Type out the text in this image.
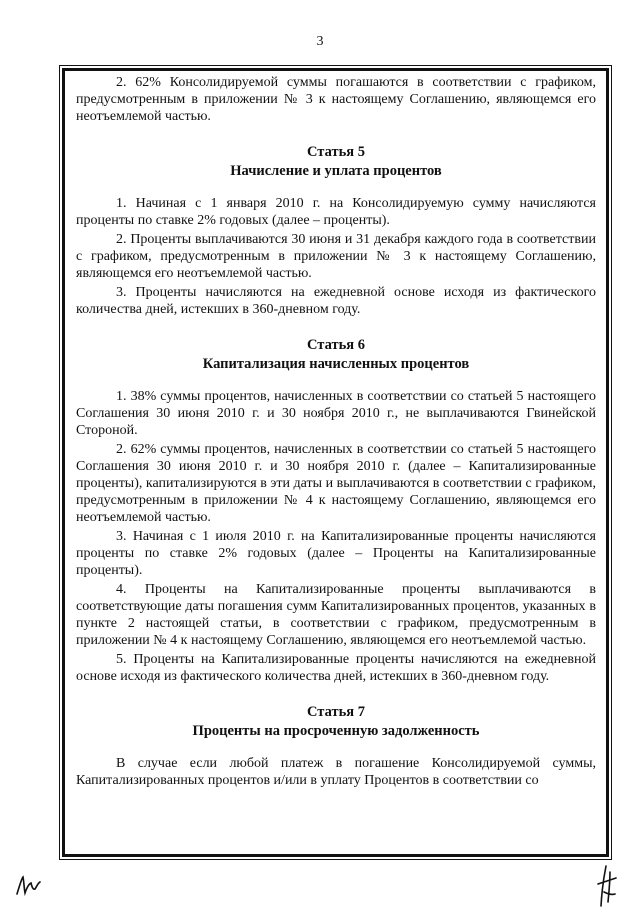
3

2. 62% Консолидируемой суммы погашаются в соответствии с графиком, предусмотренным в приложении № 3 к настоящему Соглашению, являющемся его неотъемлемой частью.

Статья 5
Начисление и уплата процентов

1. Начиная с 1 января 2010 г. на Консолидируемую сумму начисляются проценты по ставке 2% годовых (далее – проценты).

2. Проценты выплачиваются 30 июня и 31 декабря каждого года в соответствии с графиком, предусмотренным в приложении № 3 к настоящему Соглашению, являющемся его неотъемлемой частью.

3. Проценты начисляются на ежедневной основе исходя из фактического количества дней, истекших в 360-дневном году.

Статья 6
Капитализация начисленных процентов

1. 38% суммы процентов, начисленных в соответствии со статьей 5 настоящего Соглашения 30 июня 2010 г. и 30 ноября 2010 г., не выплачиваются Гвинейской Стороной.

2. 62% суммы процентов, начисленных в соответствии со статьей 5 настоящего Соглашения 30 июня 2010 г. и 30 ноября 2010 г. (далее – Капитализированные проценты), капитализируются в эти даты и выплачиваются в соответствии с графиком, предусмотренным в приложении № 4 к настоящему Соглашению, являющемся его неотъемлемой частью.

3. Начиная с 1 июля 2010 г. на Капитализированные проценты начисляются проценты по ставке 2% годовых (далее – Проценты на Капитализированные проценты).

4. Проценты на Капитализированные проценты выплачиваются в соответствующие даты погашения сумм Капитализированных процентов, указанных в пункте 2 настоящей статьи, в соответствии с графиком, предусмотренным в приложении № 4 к настоящему Соглашению, являющемся его неотъемлемой частью.

5. Проценты на Капитализированные проценты начисляются на ежедневной основе исходя из фактического количества дней, истекших в 360-дневном году.

Статья 7
Проценты на просроченную задолженность

В случае если любой платеж в погашение Консолидируемой суммы, Капитализированных процентов и/или в уплату Процентов в соответствии со
